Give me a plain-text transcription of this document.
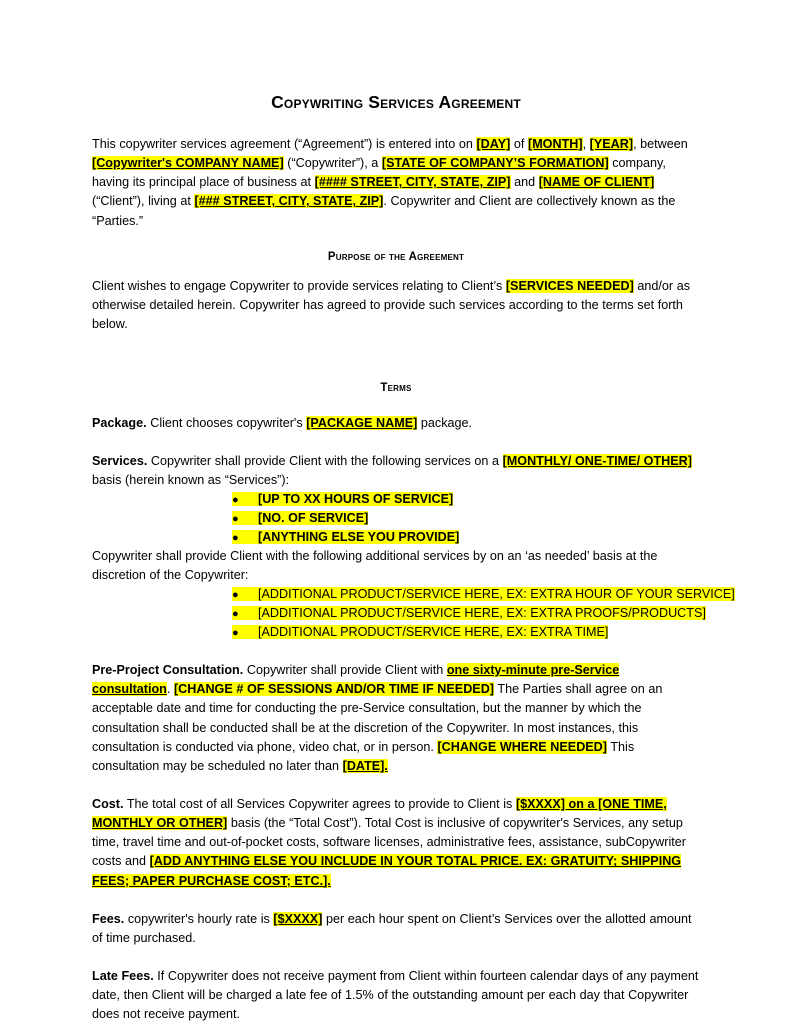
Copywriting Services Agreement

This copywriter services agreement (“Agreement”) is entered into on [DAY] of [MONTH], [YEAR], between [Copywriter's COMPANY NAME] (“Copywriter”), a [STATE OF COMPANY’S FORMATION] company, having its principal place of business at [#### STREET, CITY, STATE, ZIP] and [NAME OF CLIENT] (“Client”), living at [### STREET, CITY, STATE, ZIP]. Copywriter and Client are collectively known as the “Parties.”

Purpose of the Agreement

Client wishes to engage Copywriter to provide services relating to Client’s [SERVICES NEEDED] and/or as otherwise detailed herein. Copywriter has agreed to provide such services according to the terms set forth below.

Terms

Package. Client chooses copywriter's [PACKAGE NAME] package.

Services. Copywriter shall provide Client with the following services on a [MONTHLY/ ONE-TIME/ OTHER] basis (herein known as “Services”):

● [UP TO XX HOURS OF SERVICE]
● [NO. OF SERVICE]
● [ANYTHING ELSE YOU PROVIDE]

Copywriter shall provide Client with the following additional services by on an ‘as needed’ basis at the discretion of the Copywriter:

● [ADDITIONAL PRODUCT/SERVICE HERE, EX: EXTRA HOUR OF YOUR SERVICE]
● [ADDITIONAL PRODUCT/SERVICE HERE, EX: EXTRA PROOFS/PRODUCTS]
● [ADDITIONAL PRODUCT/SERVICE HERE, EX: EXTRA TIME]

Pre-Project Consultation. Copywriter shall provide Client with one sixty-minute pre-Service consultation. [CHANGE # OF SESSIONS AND/OR TIME IF NEEDED] The Parties shall agree on an acceptable date and time for conducting the pre-Service consultation, but the manner by which the consultation shall be conducted shall be at the discretion of the Copywriter. In most instances, this consultation is conducted via phone, video chat, or in person. [CHANGE WHERE NEEDED] This consultation may be scheduled no later than [DATE].

Cost. The total cost of all Services Copywriter agrees to provide to Client is [$XXXX] on a [ONE TIME, MONTHLY OR OTHER] basis (the “Total Cost”). Total Cost is inclusive of copywriter's Services, any setup time, travel time and out-of-pocket costs, software licenses, administrative fees, assistance, subCopywriter costs and [ADD ANYTHING ELSE YOU INCLUDE IN YOUR TOTAL PRICE. EX: GRATUITY; SHIPPING FEES; PAPER PURCHASE COST; ETC.].

Fees. copywriter's hourly rate is [$XXXX] per each hour spent on Client’s Services over the allotted amount of time purchased.

Late Fees. If Copywriter does not receive payment from Client within fourteen calendar days of any payment date, then Client will be charged a late fee of 1.5% of the outstanding amount per each day that Copywriter does not receive payment.
